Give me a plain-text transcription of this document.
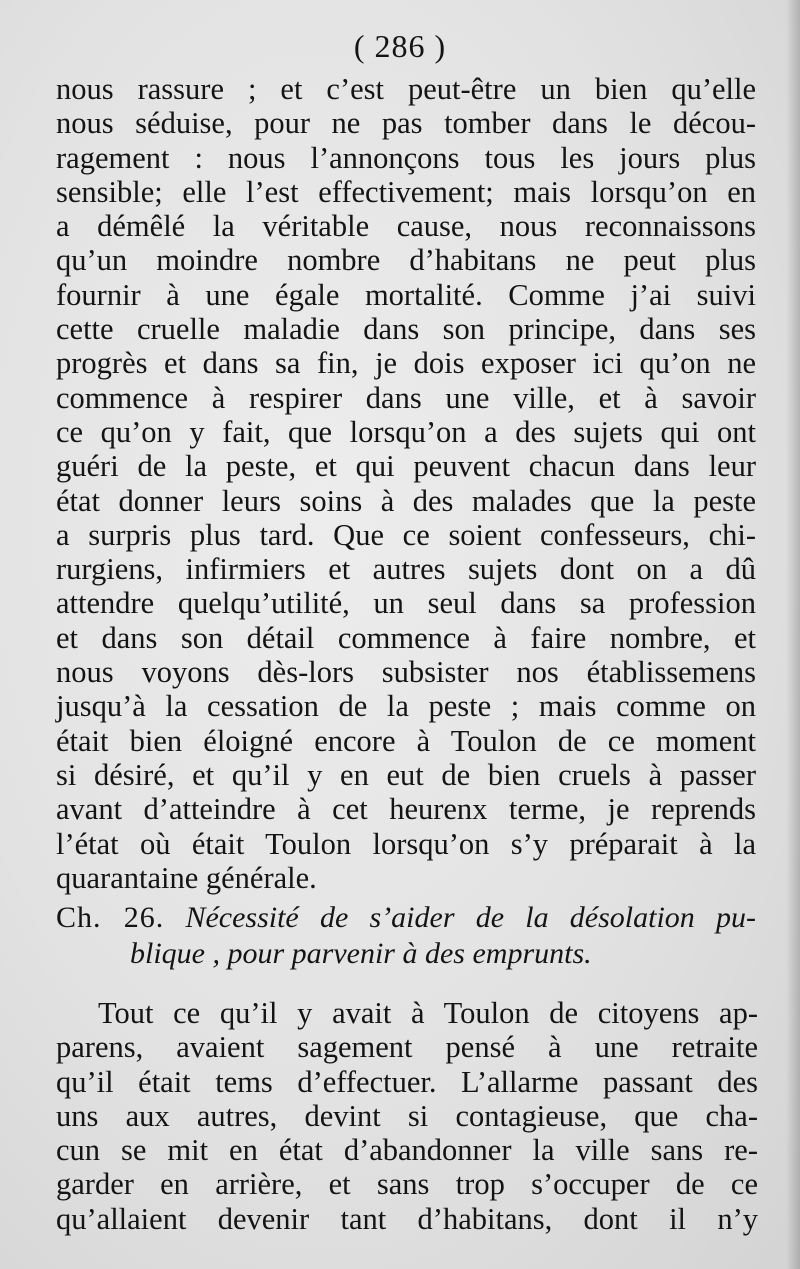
( 286 )
nous rassure ; et c’est peut-être un bien qu’elle
nous séduise, pour ne pas tomber dans le décou-
ragement : nous l’annonçons tous les jours plus
sensible; elle l’est effectivement; mais lorsqu’on en
a démêlé la véritable cause, nous reconnaissons
qu’un moindre nombre d’habitans ne peut plus
fournir à une égale mortalité. Comme j’ai suivi
cette cruelle maladie dans son principe, dans ses
progrès et dans sa fin, je dois exposer ici qu’on ne
commence à respirer dans une ville, et à savoir
ce qu’on y fait, que lorsqu’on a des sujets qui ont
guéri de la peste, et qui peuvent chacun dans leur
état donner leurs soins à des malades que la peste
a surpris plus tard. Que ce soient confesseurs, chi-
rurgiens, infirmiers et autres sujets dont on a dû
attendre quelqu’utilité, un seul dans sa profession
et dans son détail commence à faire nombre, et
nous voyons dès-lors subsister nos établissemens
jusqu’à la cessation de la peste ; mais comme on
était bien éloigné encore à Toulon de ce moment
si désiré, et qu’il y en eut de bien cruels à passer
avant d’atteindre à cet heurenx terme, je reprends
l’état où était Toulon lorsqu’on s’y préparait à la
quarantaine générale.
Ch. 26. Nécessité de s’aider de la désolation pu-
blique , pour parvenir à des emprunts.
Tout ce qu’il y avait à Toulon de citoyens ap-
parens, avaient sagement pensé à une retraite
qu’il était tems d’effectuer. L’allarme passant des
uns aux autres, devint si contagieuse, que cha-
cun se mit en état d’abandonner la ville sans re-
garder en arrière, et sans trop s’occuper de ce
qu’allaient devenir tant d’habitans, dont il n’y
